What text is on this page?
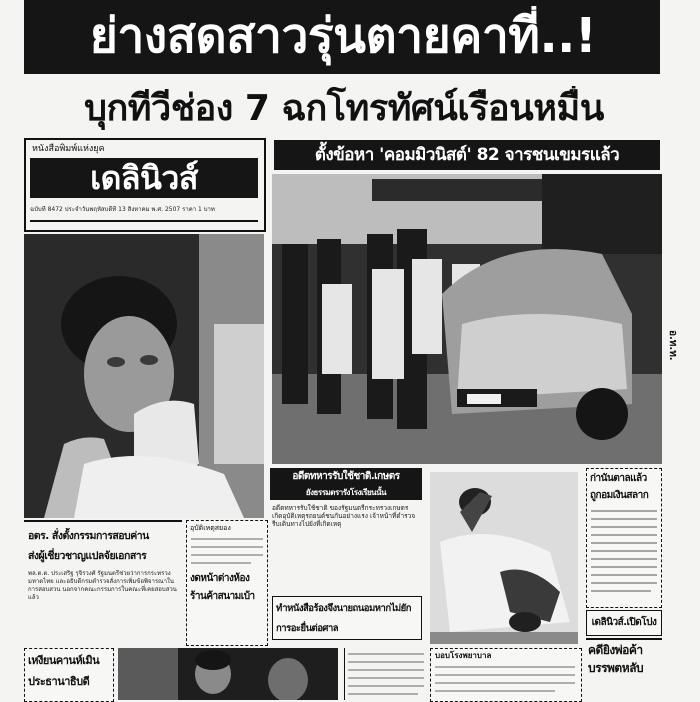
ย่างสดสาวรุ่นตายคาที่..!
บุกทีวีช่อง 7 ฉกโทรทัศน์เรือนหมื่น
หนังสือพิมพ์แห่งยุค
เดลินิวส์
ฉบับที่ 8472 ประจำวันพฤหัสบดีที่ 13 สิงหาคม พ.ศ. 2507 ราคา 1 บาท
ตั้งข้อหา 'คอมมิวนิสต์' 82 จารชนเขมรแล้ว
อ.ท.ท.
อดีตทหารรับใช้ชาติ.เกษตร
ยังธรรมตรารังโรงเรียนนั้น
อดีตทหารรับใช้ชาติ ของรัฐมนตรีกระทรวงเกษตร เกิดอุบัติเหตุรถยนต์ชนกันอย่างแรง เจ้าหน้าที่ตำรวจรีบเดินทางไปยังที่เกิดเหตุ
ก่านันตาลแล้ว
ถูกอมเงินสลาก
เดลินิวส์.เปิดโปง
คดียิงพ่อค้า
บรรพตหลับ
อตร. สั่งตั้งกรรมการสอบค่าน
ส่งผู้เชี่ยวชาญแปลจัยเอกสาร
พล.ต.ต. ประเสริฐ รุจิรวงศ์ รัฐมนตรีช่วยว่าการกระทรวงมหาดไทย และอธิบดีกรมตำรวจสั่งการเพิ่มข้อพิจารณาในการสอบสวน นอกจากคณะกรรมการในคณะที่เคยสอบสวนแล้ว
อุบัติเหตุสยอง
งดหน้าต่างห้อง
ร้านค้าสนามเบ้า
ทำหนังสือร้องจึงนายถนอมหากไม่ยักการอะยื่นต่อศาล
เหงียนคานห์เมิน
ประธานาธิบดี
บอบโรงพยาบาล
